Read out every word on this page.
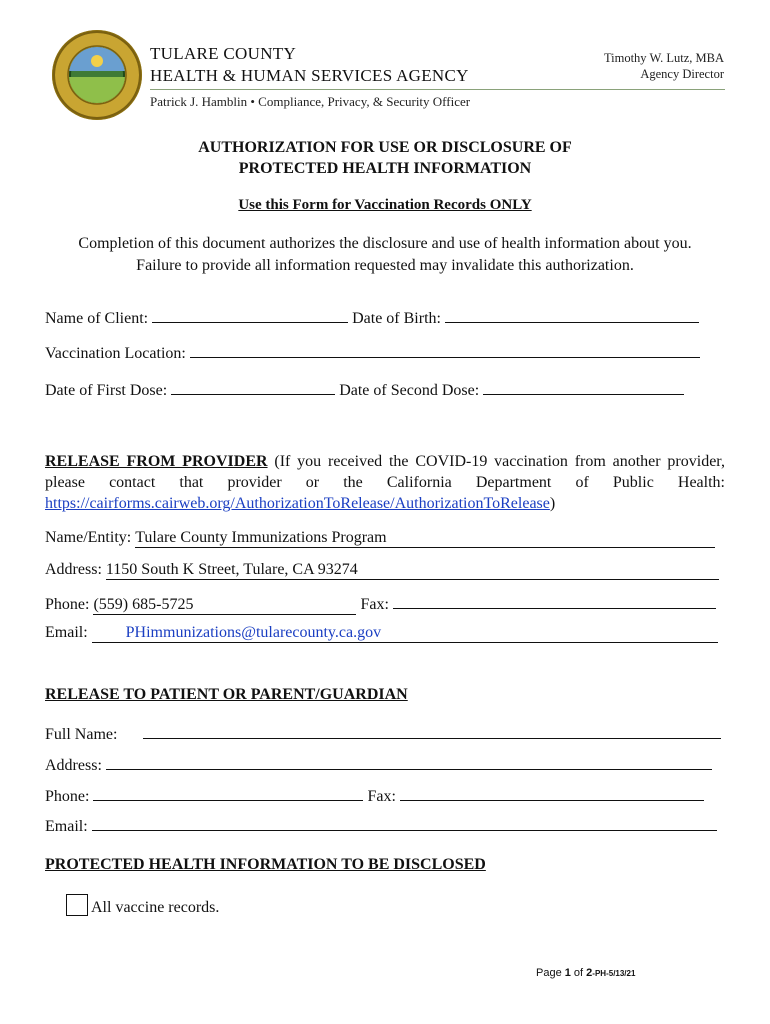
TULARE COUNTY
HEALTH & HUMAN SERVICES AGENCY
Patrick J. Hamblin • Compliance, Privacy, & Security Officer
Timothy W. Lutz, MBA
Agency Director
AUTHORIZATION FOR USE OR DISCLOSURE OF
PROTECTED HEALTH INFORMATION
Use this Form for Vaccination Records ONLY
Completion of this document authorizes the disclosure and use of health information about you.
Failure to provide all information requested may invalidate this authorization.
Name of Client:	Date of Birth:
Vaccination Location:
Date of First Dose:	Date of Second Dose:
RELEASE FROM PROVIDER (If you received the COVID-19 vaccination from another provider, please contact that provider or the California Department of Public Health: https://cairforms.cairweb.org/AuthorizationToRelease/AuthorizationToRelease)
Name/Entity: Tulare County Immunizations Program
Address: 1150 South K Street, Tulare, CA 93274
Phone: (559) 685-5725	Fax:
Email: PHimmunizations@tularecounty.ca.gov
RELEASE TO PATIENT OR PARENT/GUARDIAN
Full Name:
Address:
Phone:	Fax:
Email:
PROTECTED HEALTH INFORMATION TO BE DISCLOSED
All vaccine records.
Page 1 of 2-PH-5/13/21
